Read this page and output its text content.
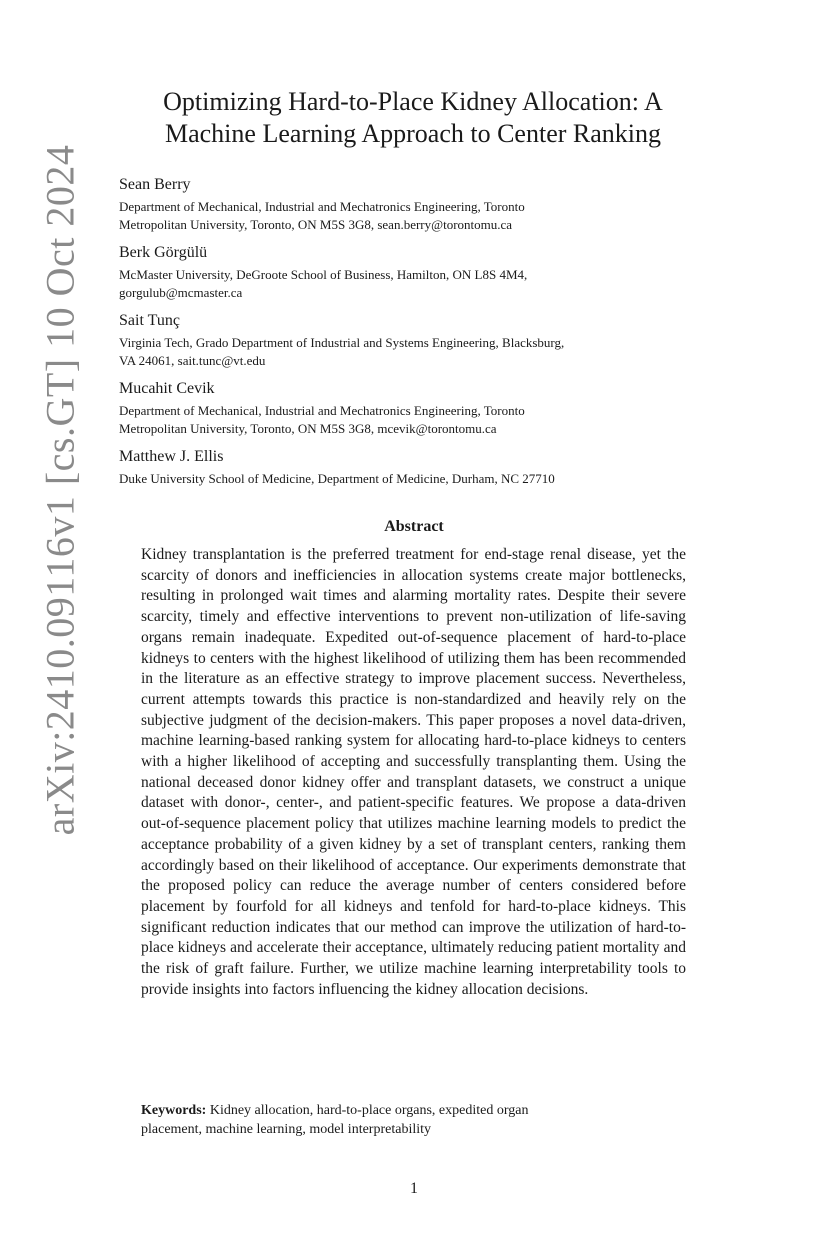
arXiv:2410.09116v1 [cs.GT] 10 Oct 2024
Optimizing Hard-to-Place Kidney Allocation: A
Machine Learning Approach to Center Ranking
Sean Berry
Department of Mechanical, Industrial and Mechatronics Engineering, Toronto
Metropolitan University, Toronto, ON M5S 3G8, sean.berry@torontomu.ca
Berk Görgülü
McMaster University, DeGroote School of Business, Hamilton, ON L8S 4M4,
gorgulub@mcmaster.ca
Sait Tunç
Virginia Tech, Grado Department of Industrial and Systems Engineering, Blacksburg,
VA 24061, sait.tunc@vt.edu
Mucahit Cevik
Department of Mechanical, Industrial and Mechatronics Engineering, Toronto
Metropolitan University, Toronto, ON M5S 3G8, mcevik@torontomu.ca
Matthew J. Ellis
Duke University School of Medicine, Department of Medicine, Durham, NC 27710
Abstract

Kidney transplantation is the preferred treatment for end-stage renal disease, yet the scarcity of donors and inefficiencies in allocation systems create major bottlenecks, resulting in prolonged wait times and alarming mortality rates. Despite their severe scarcity, timely and effective interventions to prevent non-utilization of life-saving organs remain inadequate. Expedited out-of-sequence placement of hard-to-place kidneys to centers with the highest likelihood of utilizing them has been recommended in the literature as an effective strategy to improve placement success. Nevertheless, current attempts towards this practice is non-standardized and heavily rely on the subjective judgment of the decision-makers. This paper proposes a novel data-driven, machine learning-based ranking system for allocating hard-to-place kidneys to centers with a higher likelihood of accepting and successfully transplanting them. Using the national deceased donor kidney offer and transplant datasets, we construct a unique dataset with donor-, center-, and patient-specific features. We propose a data-driven out-of-sequence placement policy that utilizes machine learning models to predict the acceptance probability of a given kidney by a set of transplant centers, ranking them accordingly based on their likelihood of acceptance. Our experiments demonstrate that the proposed policy can reduce the average number of centers considered before placement by fourfold for all kidneys and tenfold for hard-to-place kidneys. This significant reduction indicates that our method can improve the utilization of hard-to-place kidneys and accelerate their acceptance, ultimately reducing patient mortality and the risk of graft failure. Further, we utilize machine learning interpretability tools to provide insights into factors influencing the kidney allocation decisions.

Keywords: Kidney allocation, hard-to-place organs, expedited organ
placement, machine learning, model interpretability

1
